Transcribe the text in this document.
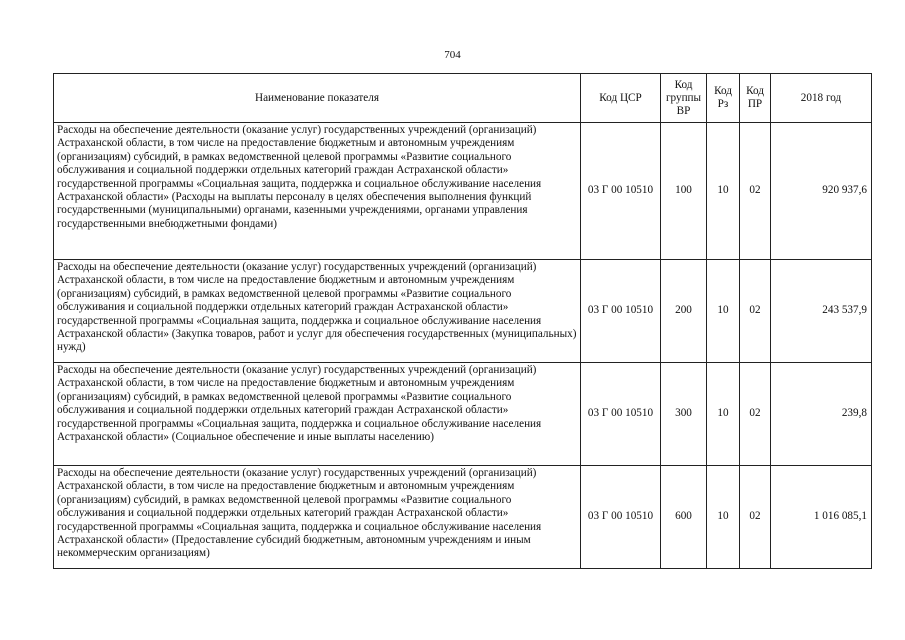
704
Наименование показателя	Код ЦСР	Код группы ВР	Код Рз	Код ПР	2018 год
Расходы на обеспечение деятельности (оказание услуг) государственных учреждений (организаций) Астраханской области, в том числе на предоставление бюджетным и автономным учреждениям (организациям) субсидий, в рамках ведомственной целевой программы «Развитие социального обслуживания и социальной поддержки отдельных категорий граждан Астраханской области» государственной программы «Социальная защита, поддержка и социальное обслуживание населения Астраханской области» (Расходы на выплаты персоналу в целях обеспечения выполнения функций государственными (муниципальными) органами, казенными учреждениями, органами управления государственными внебюджетными фондами)	03 Г 00 10510	100	10	02	920 937,6
Расходы на обеспечение деятельности (оказание услуг) государственных учреждений (организаций) Астраханской области, в том числе на предоставление бюджетным и автономным учреждениям (организациям) субсидий, в рамках ведомственной целевой программы «Развитие социального обслуживания и социальной поддержки отдельных категорий граждан Астраханской области» государственной программы «Социальная защита, поддержка и социальное обслуживание населения Астраханской области» (Закупка товаров, работ и услуг для обеспечения государственных (муниципальных) нужд)	03 Г 00 10510	200	10	02	243 537,9
Расходы на обеспечение деятельности (оказание услуг) государственных учреждений (организаций) Астраханской области, в том числе на предоставление бюджетным и автономным учреждениям (организациям) субсидий, в рамках ведомственной целевой программы «Развитие социального обслуживания и социальной поддержки отдельных категорий граждан Астраханской области» государственной программы «Социальная защита, поддержка и социальное обслуживание населения Астраханской области» (Социальное обеспечение и иные выплаты населению)	03 Г 00 10510	300	10	02	239,8
Расходы на обеспечение деятельности (оказание услуг) государственных учреждений (организаций) Астраханской области, в том числе на предоставление бюджетным и автономным учреждениям (организациям) субсидий, в рамках ведомственной целевой программы «Развитие социального обслуживания и социальной поддержки отдельных категорий граждан Астраханской области» государственной программы «Социальная защита, поддержка и социальное обслуживание населения Астраханской области» (Предоставление субсидий бюджетным, автономным учреждениям и иным некоммерческим организациям)	03 Г 00 10510	600	10	02	1 016 085,1
